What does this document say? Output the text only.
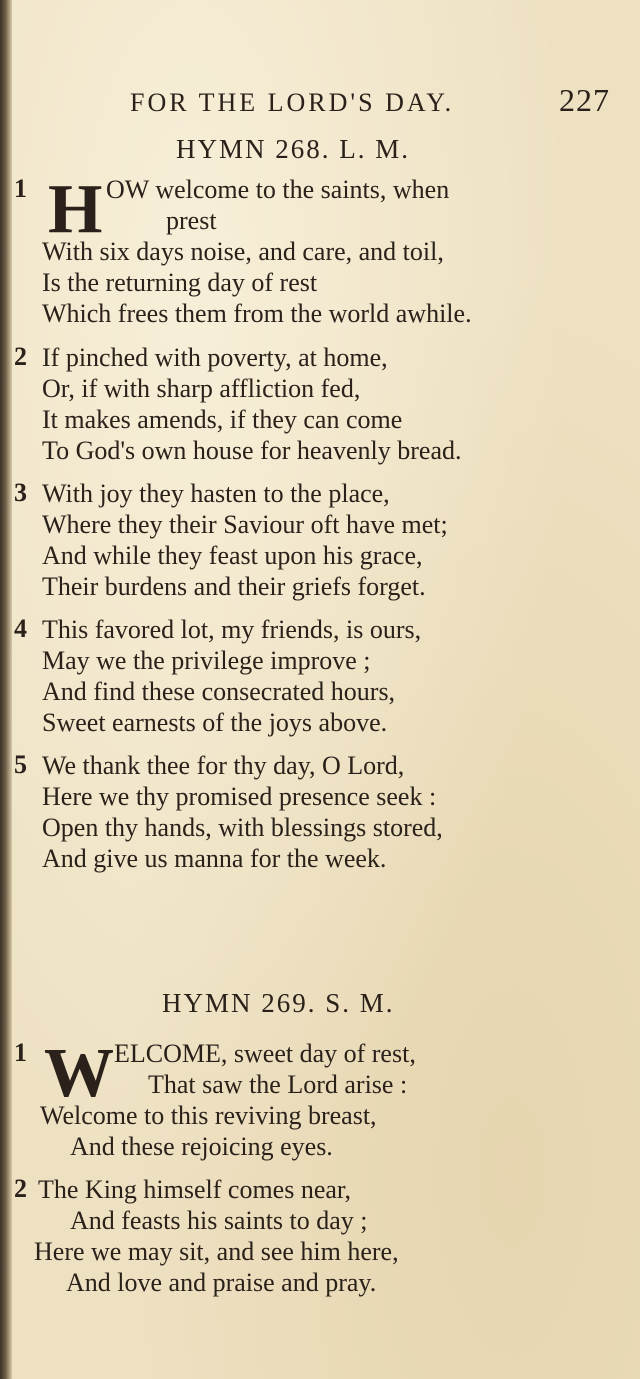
FOR THE LORD'S DAY.	227
HYMN 268. L. M.
1 H OW welcome to the saints, when
prest
With six days noise, and care, and toil,
Is the returning day of rest
Which frees them from the world awhile.
2 If pinched with poverty, at home,
Or, if with sharp affliction fed,
It makes amends, if they can come
To God's own house for heavenly bread.
3 With joy they hasten to the place,
Where they their Saviour oft have met;
And while they feast upon his grace,
Their burdens and their griefs forget.
4 This favored lot, my friends, is ours,
May we the privilege improve ;
And find these consecrated hours,
Sweet earnests of the joys above.
5 We thank thee for thy day, O Lord,
Here we thy promised presence seek :
Open thy hands, with blessings stored,
And give us manna for the week.
HYMN 269. S. M.
1 W ELCOME, sweet day of rest,
That saw the Lord arise :
Welcome to this reviving breast,
And these rejoicing eyes.
2 The King himself comes near,
And feasts his saints to day ;
Here we may sit, and see him here,
And love and praise and pray.
